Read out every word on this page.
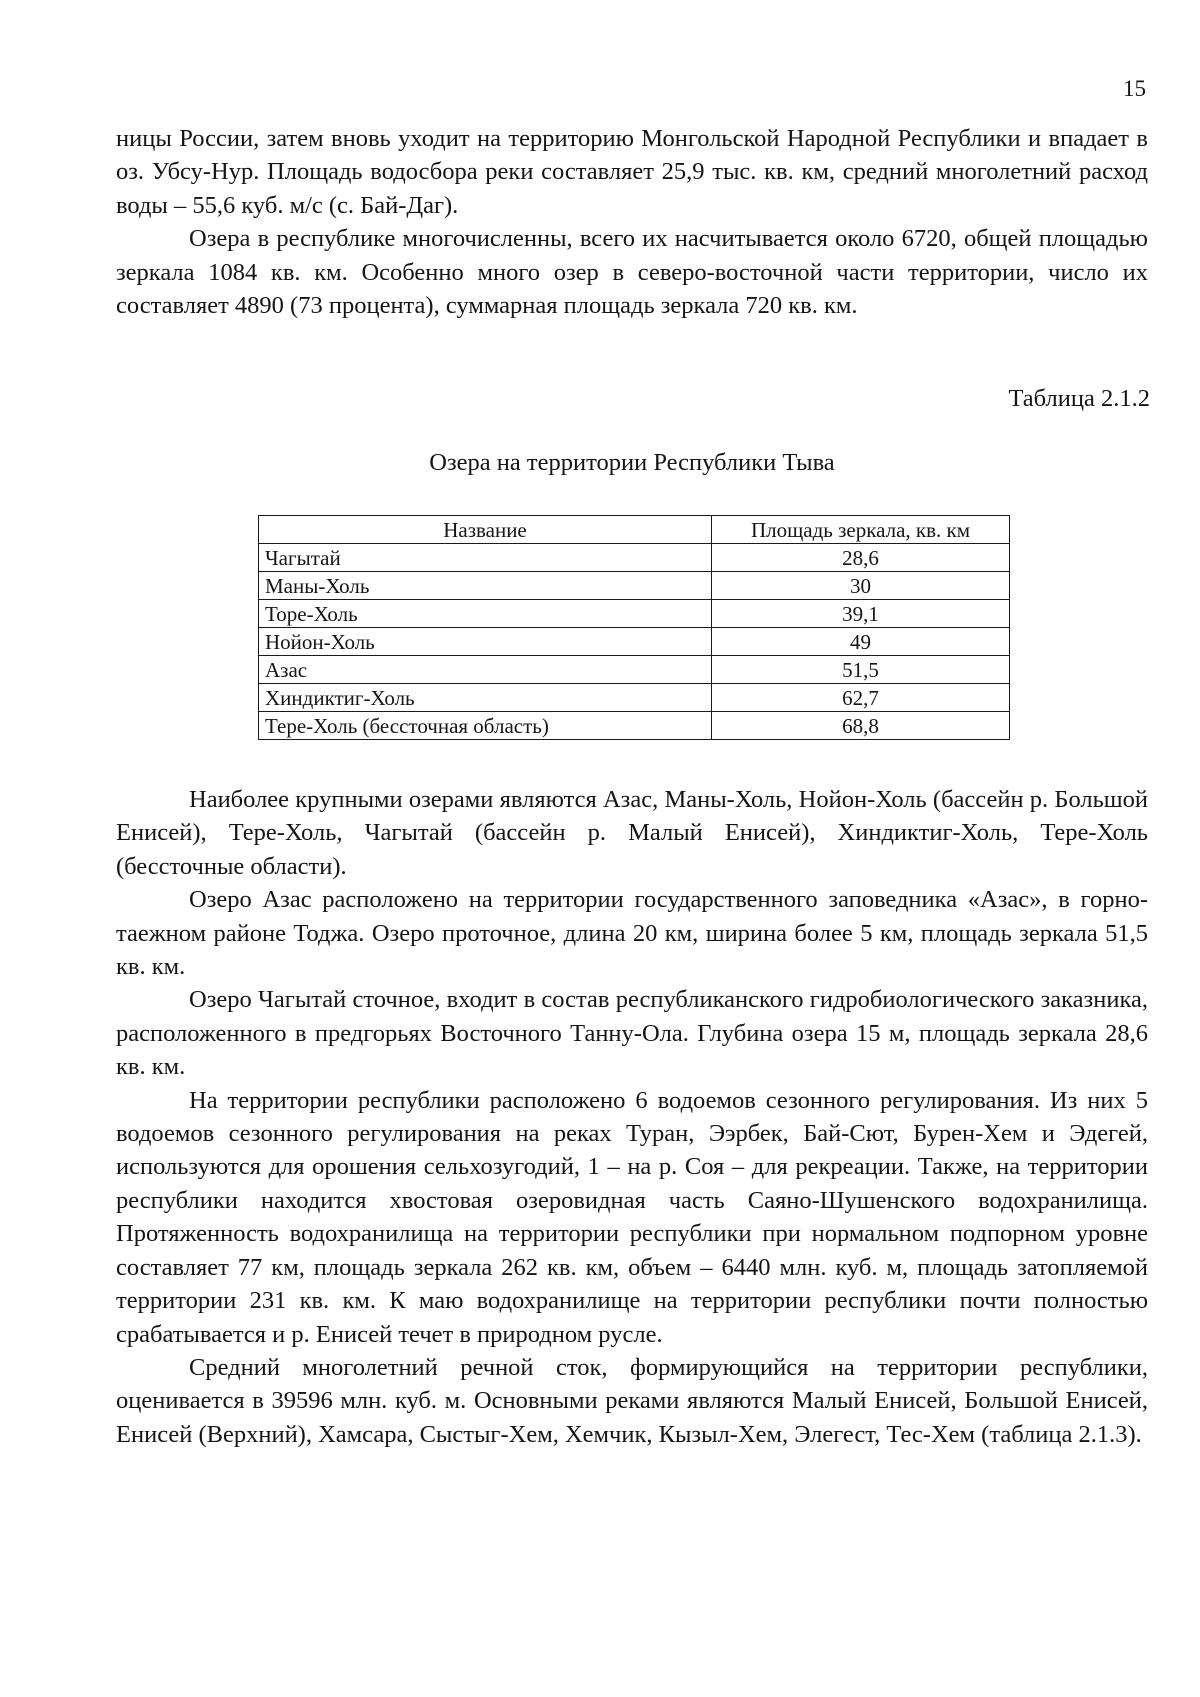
15

ницы России, затем вновь уходит на территорию Монгольской Народной Республики и впадает в оз. Убсу-Нур. Площадь водосбора реки составляет 25,9 тыс. кв. км, средний многолетний расход воды – 55,6 куб. м/с (с. Бай-Даг).

Озера в республике многочисленны, всего их насчитывается около 6720, общей площадью зеркала 1084 кв. км. Особенно много озер в северо-восточной части территории, число их составляет 4890 (73 процента), суммарная площадь зеркала 720 кв. км.

Таблица 2.1.2
Озера на территории Республики Тыва
Название	Площадь зеркала, кв. км
Чагытай	28,6
Маны-Холь	30
Торе-Холь	39,1
Нойон-Холь	49
Азас	51,5
Хиндиктиг-Холь	62,7
Тере-Холь (бессточная область)	68,8

Наиболее крупными озерами являются Азас, Маны-Холь, Нойон-Холь (бассейн р. Большой Енисей), Тере-Холь, Чагытай (бассейн р. Малый Енисей), Хиндиктиг-Холь, Тере-Холь (бессточные области).

Озеро Азас расположено на территории государственного заповедника «Азас», в горно-таежном районе Тоджа. Озеро проточное, длина 20 км, ширина более 5 км, площадь зеркала 51,5 кв. км.

Озеро Чагытай сточное, входит в состав республиканского гидробиологического заказника, расположенного в предгорьях Восточного Танну-Ола. Глубина озера 15 м, площадь зеркала 28,6 кв. км.

На территории республики расположено 6 водоемов сезонного регулирования. Из них 5 водоемов сезонного регулирования на реках Туран, Ээрбек, Бай-Сют, Бурен-Хем и Эдегей, используются для орошения сельхозугодий, 1 – на р. Соя – для рекреации. Также, на территории республики находится хвостовая озеровидная часть Саяно-Шушенского водохранилища. Протяженность водохранилища на территории республики при нормальном подпорном уровне составляет 77 км, площадь зеркала 262 кв. км, объем – 6440 млн. куб. м, площадь затопляемой территории 231 кв. км. К маю водохранилище на территории республики почти полностью срабатывается и р. Енисей течет в природном русле.

Средний многолетний речной сток, формирующийся на территории республики, оценивается в 39596 млн. куб. м. Основными реками являются Малый Енисей, Большой Енисей, Енисей (Верхний), Хамсара, Сыстыг-Хем, Хемчик, Кызыл-Хем, Элегест, Тес-Хем (таблица 2.1.3).
